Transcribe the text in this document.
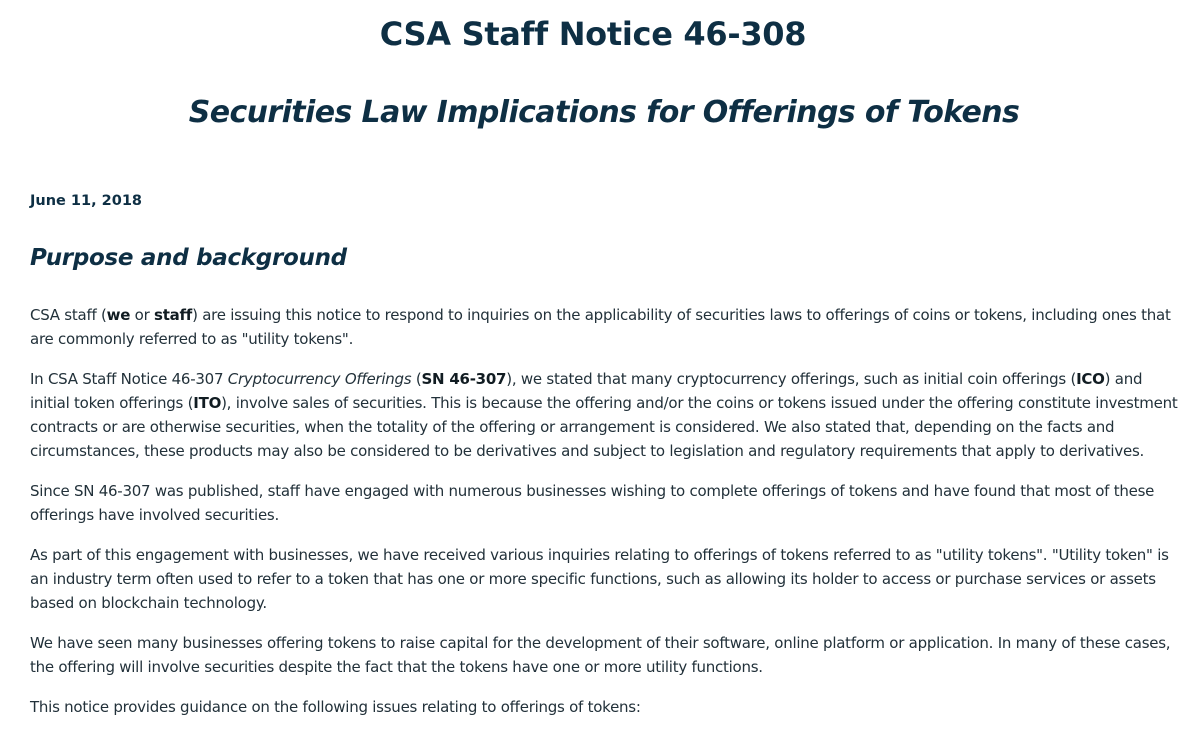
CSA Staff Notice 46-308
Securities Law Implications for Offerings of Tokens
June 11, 2018
Purpose and background

CSA staff (we or staff) are issuing this notice to respond to inquiries on the applicability of securities laws to offerings of coins or tokens, including ones that are commonly referred to as "utility tokens".

In CSA Staff Notice 46-307 Cryptocurrency Offerings (SN 46-307), we stated that many cryptocurrency offerings, such as initial coin offerings (ICO) and initial token offerings (ITO), involve sales of securities. This is because the offering and/or the coins or tokens issued under the offering constitute investment contracts or are otherwise securities, when the totality of the offering or arrangement is considered. We also stated that, depending on the facts and circumstances, these products may also be considered to be derivatives and subject to legislation and regulatory requirements that apply to derivatives.

Since SN 46-307 was published, staff have engaged with numerous businesses wishing to complete offerings of tokens and have found that most of these offerings have involved securities.

As part of this engagement with businesses, we have received various inquiries relating to offerings of tokens referred to as "utility tokens". "Utility token" is an industry term often used to refer to a token that has one or more specific functions, such as allowing its holder to access or purchase services or assets based on blockchain technology.

We have seen many businesses offering tokens to raise capital for the development of their software, online platform or application. In many of these cases, the offering will involve securities despite the fact that the tokens have one or more utility functions.

This notice provides guidance on the following issues relating to offerings of tokens:
